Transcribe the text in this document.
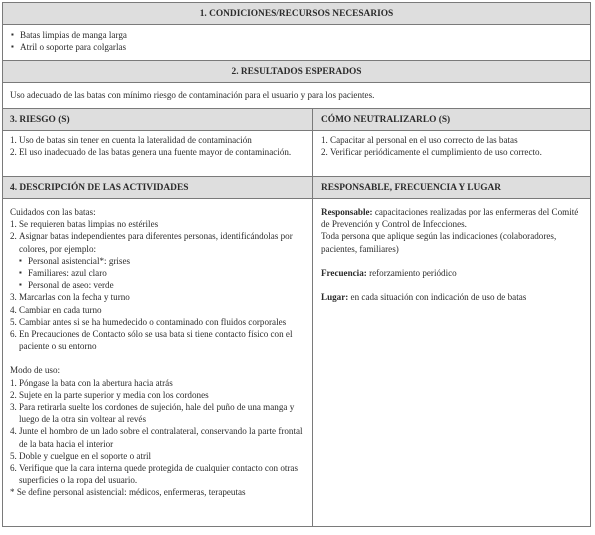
1. CONDICIONES/RECURSOS NECESARIOS
▪ Batas limpias de manga larga
▪ Atril o soporte para colgarlas
2. RESULTADOS ESPERADOS
Uso adecuado de las batas con mínimo riesgo de contaminación para el usuario y para los pacientes.
3. RIESGO (S)	CÓMO NEUTRALIZARLO (S)
1. Uso de batas sin tener en cuenta la lateralidad de contaminación
2. El uso inadecuado de las batas genera una fuente mayor de contaminación.
1. Capacitar al personal en el uso correcto de las batas
2. Verificar periódicamente el cumplimiento de uso correcto.
4. DESCRIPCIÓN DE LAS ACTIVIDADES	RESPONSABLE, FRECUENCIA Y LUGAR
Cuidados con las batas:
1. Se requieren batas limpias no estériles
2. Asignar batas independientes para diferentes personas, identificándolas por colores, por ejemplo:
▪ Personal asistencial*: grises
▪ Familiares: azul claro
▪ Personal de aseo: verde
3. Marcarlas con la fecha y turno
4. Cambiar en cada turno
5. Cambiar antes si se ha humedecido o contaminado con fluidos corporales
6. En Precauciones de Contacto sólo se usa bata si tiene contacto físico con el paciente o su entorno
Modo de uso:
1. Póngase la bata con la abertura hacia atrás
2. Sujete en la parte superior y media con los cordones
3. Para retirarla suelte los cordones de sujeción, hale del puño de una manga y luego de la otra sin voltear al revés
4. Junte el hombro de un lado sobre el contralateral, conservando la parte frontal de la bata hacia el interior
5. Doble y cuelgue en el soporte o atril
6. Verifique que la cara interna quede protegida de cualquier contacto con otras superficies o la ropa del usuario.
* Se define personal asistencial: médicos, enfermeras, terapeutas
Responsable: capacitaciones realizadas por las enfermeras del Comité de Prevención y Control de Infecciones.
Toda persona que aplique según las indicaciones (colaboradores, pacientes, familiares)
Frecuencia: reforzamiento periódico
Lugar: en cada situación con indicación de uso de batas
